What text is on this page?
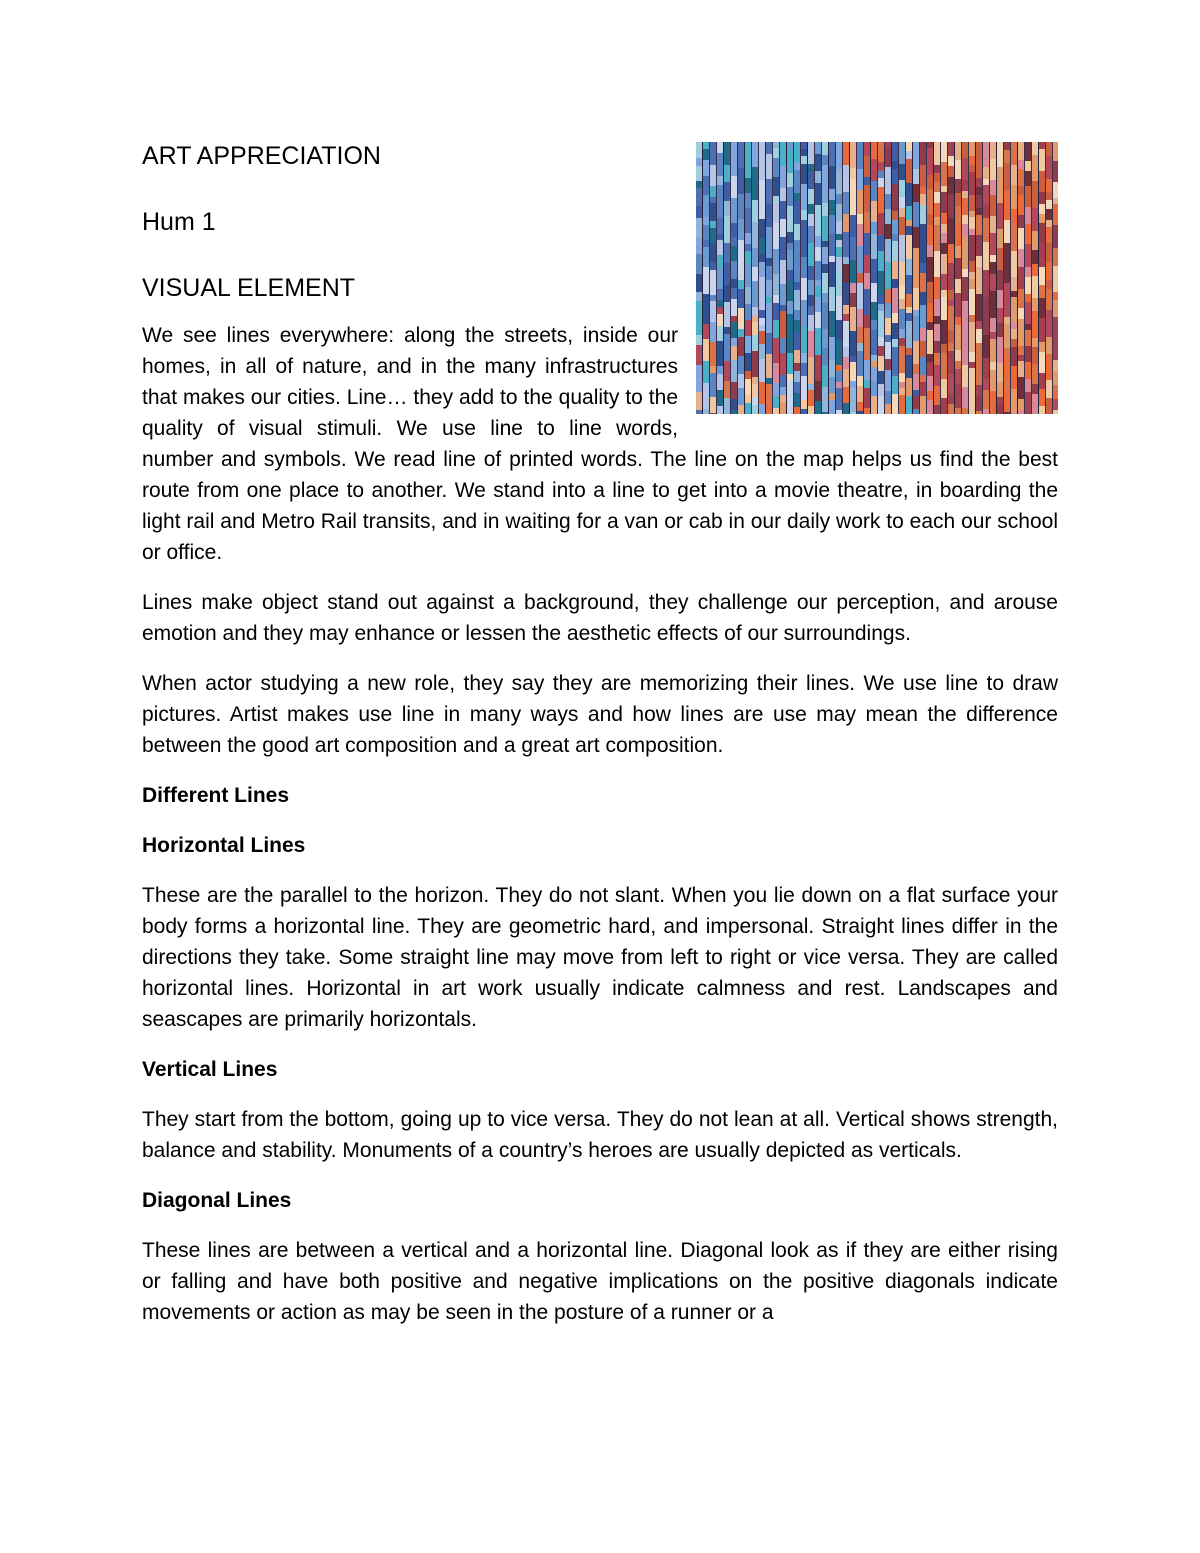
ART APPRECIATION
Hum 1
VISUAL ELEMENT

We see lines everywhere: along the streets, inside our homes, in all of nature, and in the many infrastructures that makes our cities. Line… they add to the quality to the quality of visual stimuli. We use line to line words, number and symbols. We read line of printed words. The line on the map helps us find the best route from one place to another. We stand into a line to get into a movie theatre, in boarding the light rail and Metro Rail transits, and in waiting for a van or cab in our daily work to each our school or office.

Lines make object stand out against a background, they challenge our perception, and arouse emotion and they may enhance or lessen the aesthetic effects of our surroundings.

When actor studying a new role, they say they are memorizing their lines. We use line to draw pictures. Artist makes use line in many ways and how lines are use may mean the difference between the good art composition and a great art composition.

Different Lines
Horizontal Lines

These are the parallel to the horizon. They do not slant. When you lie down on a flat surface your body forms a horizontal line. They are geometric hard, and impersonal. Straight lines differ in the directions they take. Some straight line may move from left to right or vice versa. They are called horizontal lines. Horizontal in art work usually indicate calmness and rest. Landscapes and seascapes are primarily horizontals.

Vertical Lines

They start from the bottom, going up to vice versa. They do not lean at all. Vertical shows strength, balance and stability. Monuments of a country’s heroes are usually depicted as verticals.

Diagonal Lines

These lines are between a vertical and a horizontal line. Diagonal look as if they are either rising or falling and have both positive and negative implications on the positive diagonals indicate movements or action as may be seen in the posture of a runner or a
